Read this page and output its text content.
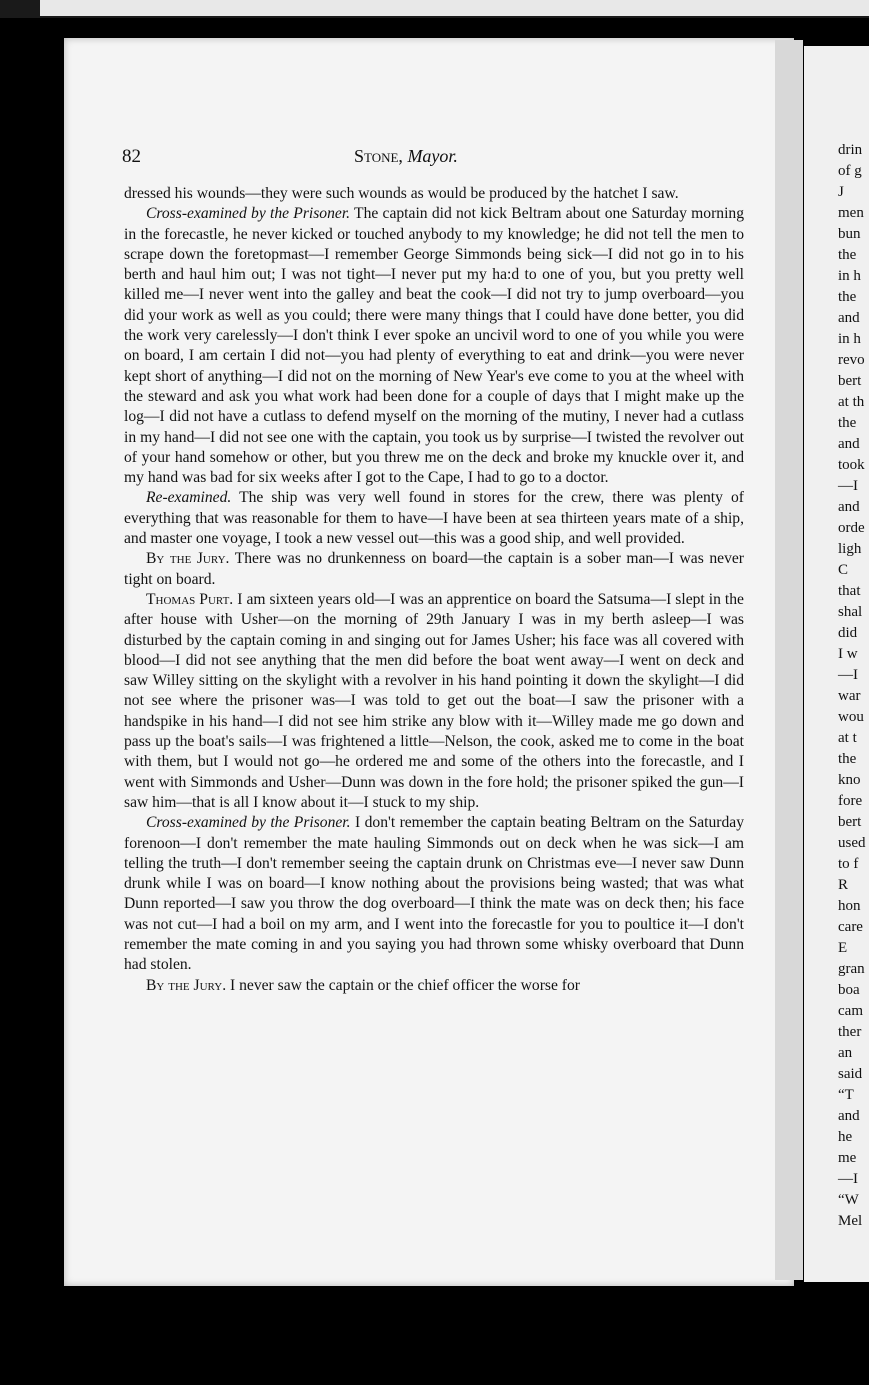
82	Stone, Mayor.

dressed his wounds—they were such wounds as would be produced by the hatchet I saw.

Cross-examined by the Prisoner. The captain did not kick Beltram about one Saturday morning in the forecastle, he never kicked or touched anybody to my knowledge; he did not tell the men to scrape down the foretopmast—I remember George Simmonds being sick—I did not go in to his berth and haul him out; I was not tight—I never put my ha:d to one of you, but you pretty well killed me—I never went into the galley and beat the cook—I did not try to jump overboard—you did your work as well as you could; there were many things that I could have done better, you did the work very carelessly—I don't think I ever spoke an uncivil word to one of you while you were on board, I am certain I did not—you had plenty of everything to eat and drink—you were never kept short of anything—I did not on the morning of New Year's eve come to you at the wheel with the steward and ask you what work had been done for a couple of days that I might make up the log—I did not have a cutlass to defend myself on the morning of the mutiny, I never had a cutlass in my hand—I did not see one with the captain, you took us by surprise—I twisted the revolver out of your hand somehow or other, but you threw me on the deck and broke my knuckle over it, and my hand was bad for six weeks after I got to the Cape, I had to go to a doctor.

Re-examined. The ship was very well found in stores for the crew, there was plenty of everything that was reasonable for them to have—I have been at sea thirteen years mate of a ship, and master one voyage, I took a new vessel out—this was a good ship, and well provided.

By the Jury. There was no drunkenness on board—the captain is a sober man—I was never tight on board.

Thomas Purt. I am sixteen years old—I was an apprentice on board the Satsuma—I slept in the after house with Usher—on the morning of 29th January I was in my berth asleep—I was disturbed by the captain coming in and singing out for James Usher; his face was all covered with blood—I did not see anything that the men did before the boat went away—I went on deck and saw Willey sitting on the skylight with a revolver in his hand pointing it down the skylight—I did not see where the prisoner was—I was told to get out the boat—I saw the prisoner with a handspike in his hand—I did not see him strike any blow with it—Willey made me go down and pass up the boat's sails—I was frightened a little—Nelson, the cook, asked me to come in the boat with them, but I would not go—he ordered me and some of the others into the forecastle, and I went with Simmonds and Usher—Dunn was down in the fore hold; the prisoner spiked the gun—I saw him—that is all I know about it—I stuck to my ship.

Cross-examined by the Prisoner. I don't remember the captain beating Beltram on the Saturday forenoon—I don't remember the mate hauling Simmonds out on deck when he was sick—I am telling the truth—I don't remember seeing the captain drunk on Christmas eve—I never saw Dunn drunk while I was on board—I know nothing about the provisions being wasted; that was what Dunn reported—I saw you throw the dog overboard—I think the mate was on deck then; his face was not cut—I had a boil on my arm, and I went into the forecastle for you to poultice it—I don't remember the mate coming in and you saying you had thrown some whisky overboard that Dunn had stolen.

By the Jury. I never saw the captain or the chief officer the worse for

drin
of g
J
men
bun
the
in h
the
and
in h
revo
bert
at th
the
and
took
—I
and
orde
ligh
C
that
shal
did
I w
—I
war
wou
at t
the
kno
fore
bert
used
to f
R
hon
care
E
gran
boa
cam
ther
an
said
“T
and
he
me
—I
“W
Mel
